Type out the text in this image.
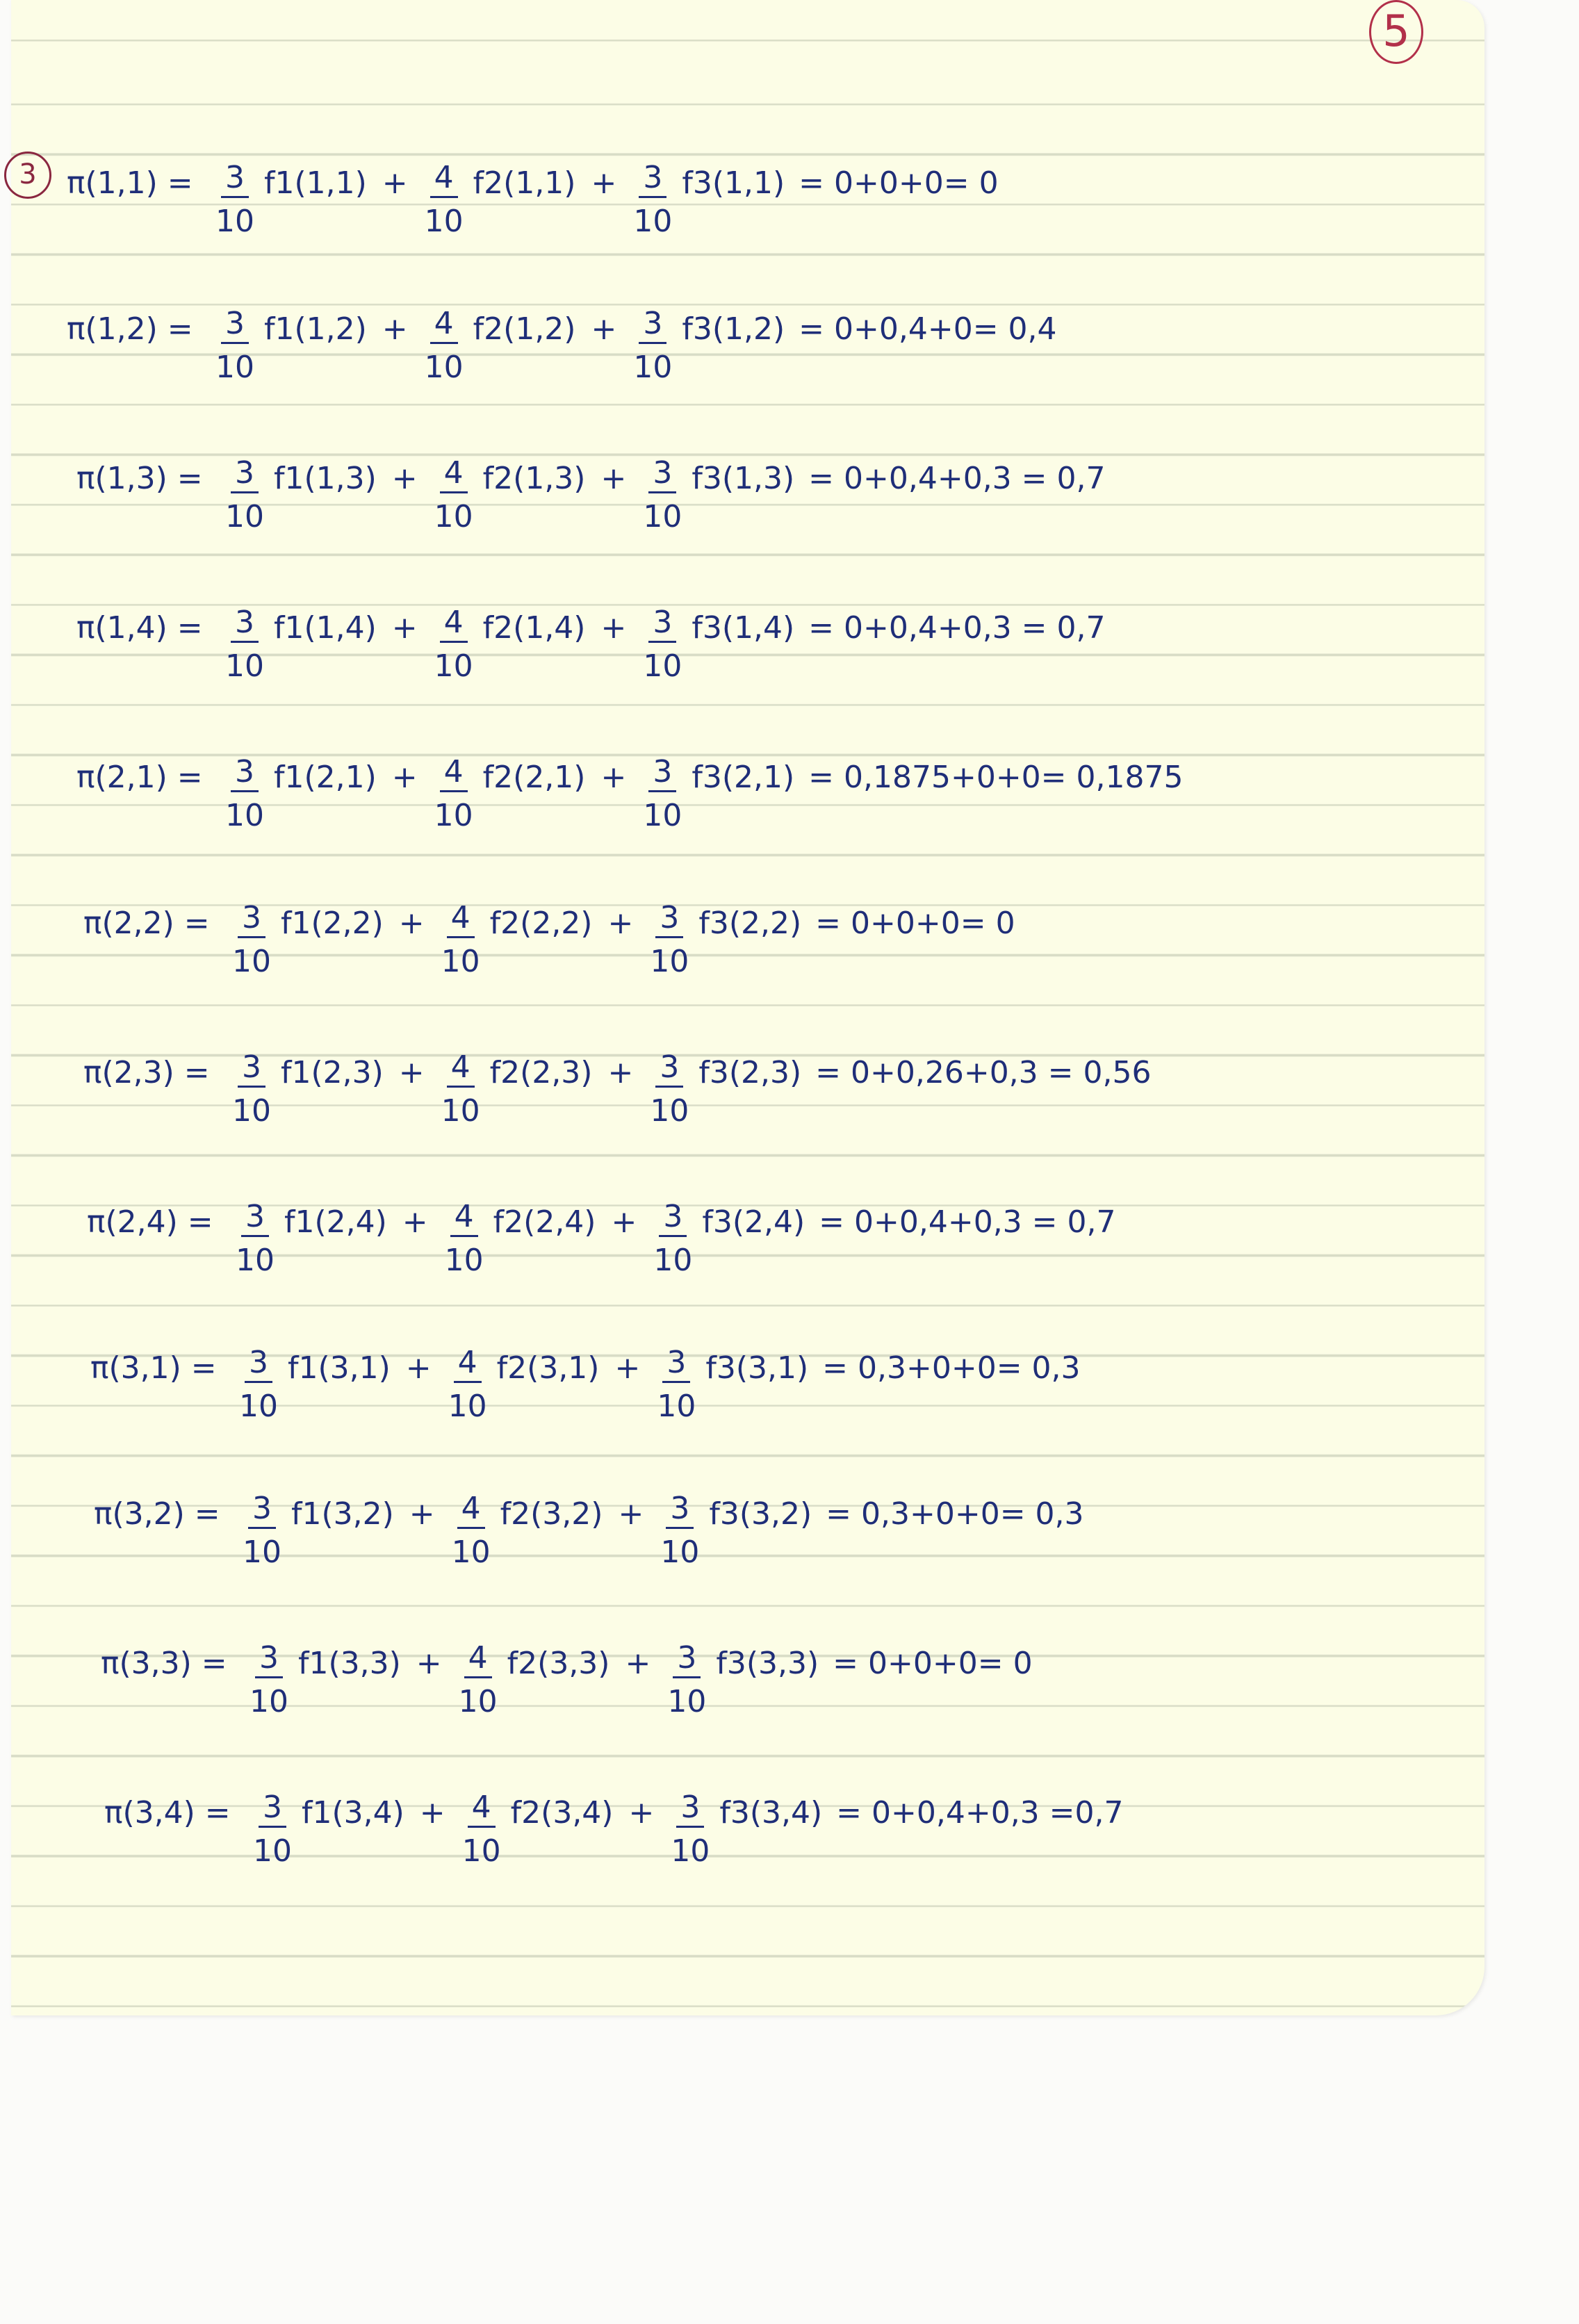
5
3 $\pi(1,1) = \frac{3}{10} f1(1,1) + \frac{4}{10} f2(1,1) + \frac{3}{10} f3(1,1) = 0+0+0= 0$
$\pi(1,2) = \frac{3}{10} f1(1,2) + \frac{4}{10} f2(1,2) + \frac{3}{10} f3(1,2) = 0+0,4+0= 0,4$
$\pi(1,3) = \frac{3}{10} f1(1,3) + \frac{4}{10} f2(1,3) + \frac{3}{10} f3(1,3) = 0+0,4+0,3 = 0,7$
$\pi(1,4) = \frac{3}{10} f1(1,4) + \frac{4}{10} f2(1,4) + \frac{3}{10} f3(1,4) = 0+0,4+0,3 = 0,7$
$\pi(2,1) = \frac{3}{10} f1(2,1) + \frac{4}{10} f2(2,1) + \frac{3}{10} f3(2,1) = 0,1875+0+0= 0,1875$
$\pi(2,2) = \frac{3}{10} f1(2,2) + \frac{4}{10} f2(2,2) + \frac{3}{10} f3(2,2) = 0+0+0= 0$
$\pi(2,3) = \frac{3}{10} f1(2,3) + \frac{4}{10} f2(2,3) + \frac{3}{10} f3(2,3) = 0+0,26+0,3 = 0,56$
$\pi(2,4) = \frac{3}{10} f1(2,4) + \frac{4}{10} f2(2,4) + \frac{3}{10} f3(2,4) = 0+0,4+0,3 = 0,7$
$\pi(3,1) = \frac{3}{10} f1(3,1) + \frac{4}{10} f2(3,1) + \frac{3}{10} f3(3,1) = 0,3+0+0= 0,3$
$\pi(3,2) = \frac{3}{10} f1(3,2) + \frac{4}{10} f2(3,2) + \frac{3}{10} f3(3,2) = 0,3+0+0= 0,3$
$\pi(3,3) = \frac{3}{10} f1(3,3) + \frac{4}{10} f2(3,3) + \frac{3}{10} f3(3,3) = 0+0+0= 0$
$\pi(3,4) = \frac{3}{10} f1(3,4) + \frac{4}{10} f2(3,4) + \frac{3}{10} f3(3,4) = 0+0,4+0,3 =0,7$
